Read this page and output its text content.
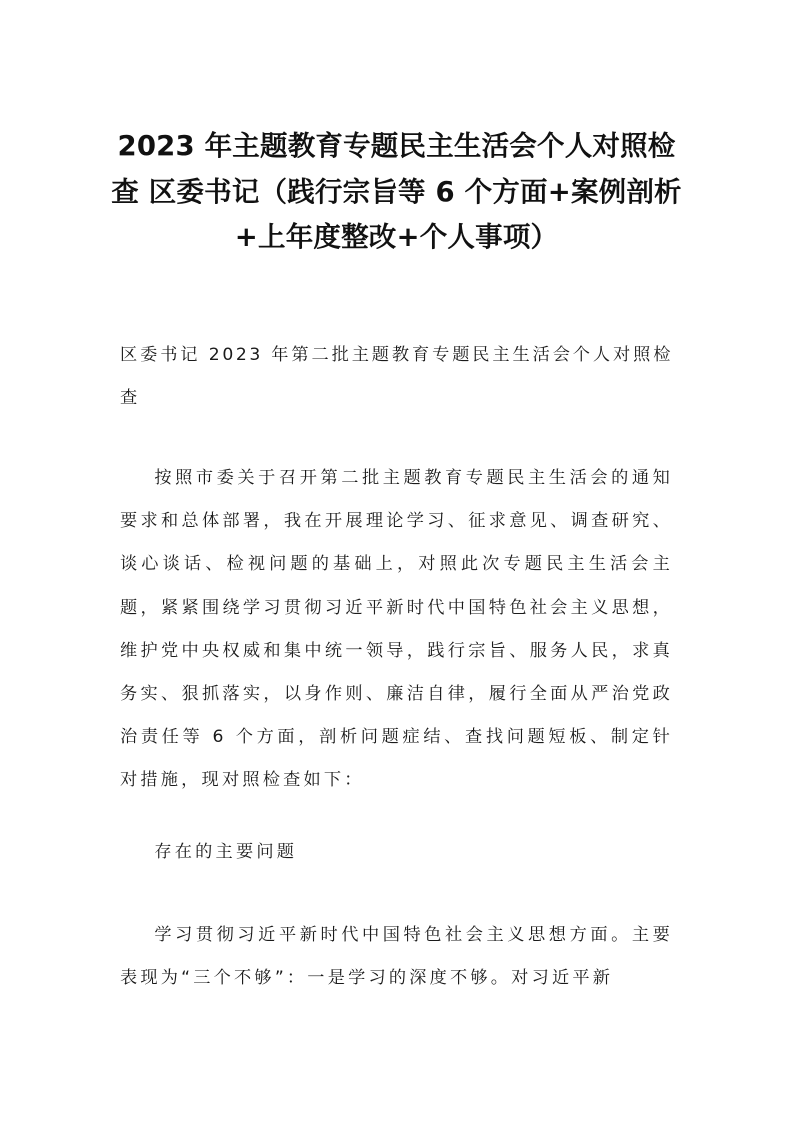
2023 年主题教育专题民主生活会个人对照检查 区委书记（践行宗旨等 6 个方面+案例剖析+上年度整改+个人事项）

区委书记 2023 年第二批主题教育专题民主生活会个人对照检查

按照市委关于召开第二批主题教育专题民主生活会的通知要求和总体部署，我在开展理论学习、征求意见、调查研究、谈心谈话、检视问题的基础上，对照此次专题民主生活会主题，紧紧围绕学习贯彻习近平新时代中国特色社会主义思想，维护党中央权威和集中统一领导，践行宗旨、服务人民，求真务实、狠抓落实，以身作则、廉洁自律，履行全面从严治党政治责任等 6 个方面，剖析问题症结、查找问题短板、制定针对措施，现对照检查如下：

存在的主要问题

学习贯彻习近平新时代中国特色社会主义思想方面。主要表现为“三个不够”：一是学习的深度不够。对习近平新
